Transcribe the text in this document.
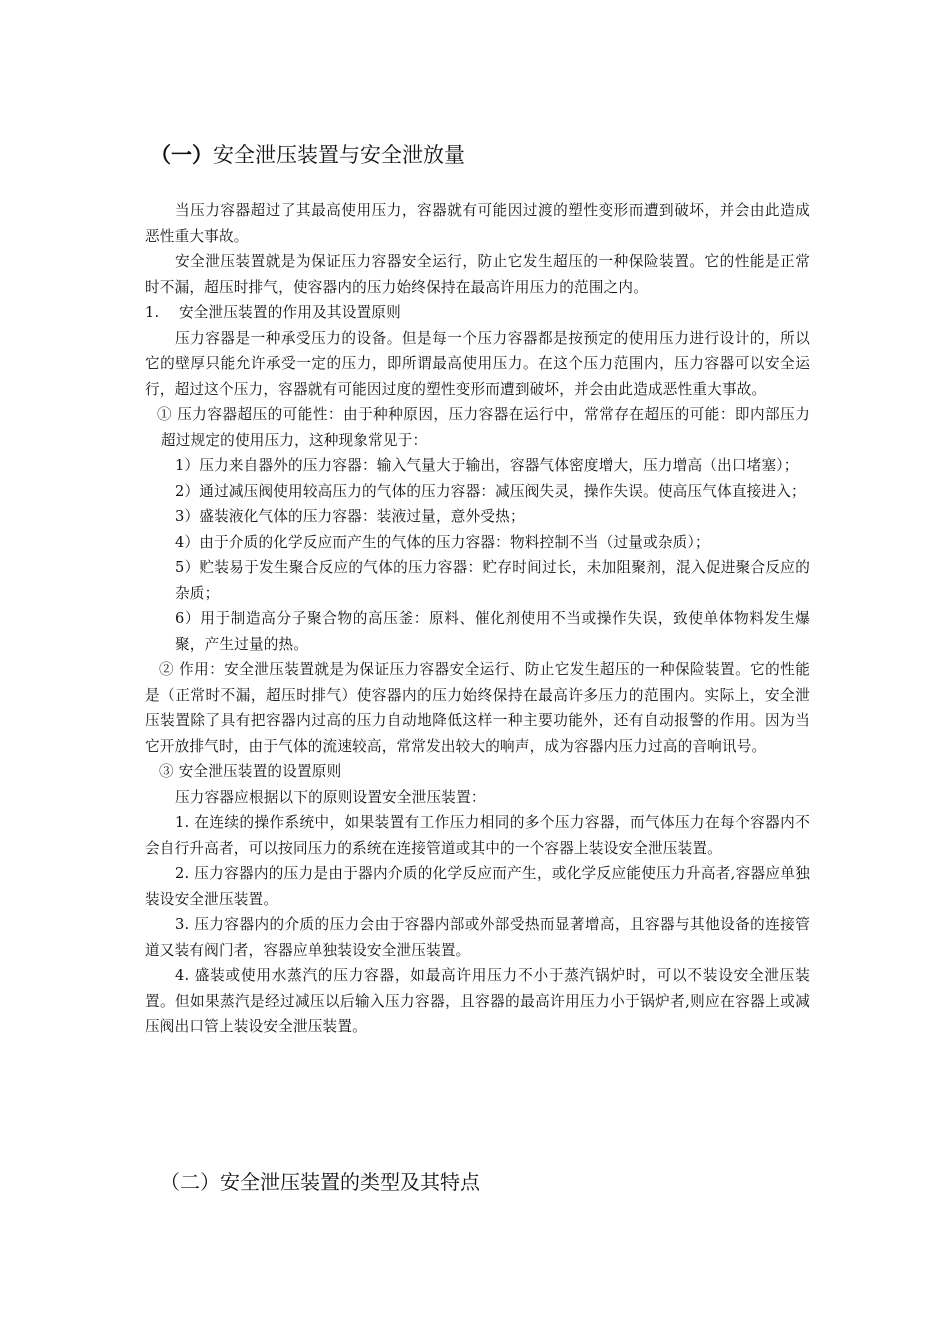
（一）安全泄压装置与安全泄放量

当压力容器超过了其最高使用压力，容器就有可能因过渡的塑性变形而遭到破坏，并会由此造成恶性重大事故。

安全泄压装置就是为保证压力容器安全运行，防止它发生超压的一种保险装置。它的性能是正常时不漏，超压时排气，使容器内的压力始终保持在最高许用压力的范围之内。

1.　 安全泄压装置的作用及其设置原则

压力容器是一种承受压力的设备。但是每一个压力容器都是按预定的使用压力进行设计的，所以它的壁厚只能允许承受一定的压力，即所谓最高使用压力。在这个压力范围内，压力容器可以安全运行，超过这个压力，容器就有可能因过度的塑性变形而遭到破坏，并会由此造成恶性重大事故。

① 压力容器超压的可能性：由于种种原因，压力容器在运行中，常常存在超压的可能：即内部压力超过规定的使用压力，这种现象常见于：

1）压力来自器外的压力容器：输入气量大于输出，容器气体密度增大，压力增高（出口堵塞）；

2）通过减压阀使用较高压力的气体的压力容器：减压阀失灵，操作失误。使高压气体直接进入；

3）盛装液化气体的压力容器：装液过量，意外受热；

4）由于介质的化学反应而产生的气体的压力容器：物料控制不当（过量或杂质）；

5）贮装易于发生聚合反应的气体的压力容器：贮存时间过长，未加阻聚剂，混入促进聚合反应的杂质；

6）用于制造高分子聚合物的高压釜：原料、催化剂使用不当或操作失误，致使单体物料发生爆聚，产生过量的热。

② 作用：安全泄压装置就是为保证压力容器安全运行、防止它发生超压的一种保险装置。它的性能是（正常时不漏，超压时排气）使容器内的压力始终保持在最高许多压力的范围内。实际上，安全泄压装置除了具有把容器内过高的压力自动地降低这样一种主要功能外，还有自动报警的作用。因为当它开放排气时，由于气体的流速较高，常常发出较大的响声，成为容器内压力过高的音响讯号。

③ 安全泄压装置的设置原则

压力容器应根据以下的原则设置安全泄压装置：

1. 在连续的操作系统中，如果装置有工作压力相同的多个压力容器，而气体压力在每个容器内不会自行升高者，可以按同压力的系统在连接管道或其中的一个容器上装设安全泄压装置。

2. 压力容器内的压力是由于器内介质的化学反应而产生，或化学反应能使压力升高者,容器应单独装设安全泄压装置。

3. 压力容器内的介质的压力会由于容器内部或外部受热而显著增高，且容器与其他设备的连接管道又装有阀门者，容器应单独装设安全泄压装置。

4. 盛装或使用水蒸汽的压力容器，如最高许用压力不小于蒸汽锅炉时，可以不装设安全泄压装置。但如果蒸汽是经过减压以后输入压力容器，且容器的最高许用压力小于锅炉者,则应在容器上或减压阀出口管上装设安全泄压装置。

（二）安全泄压装置的类型及其特点
